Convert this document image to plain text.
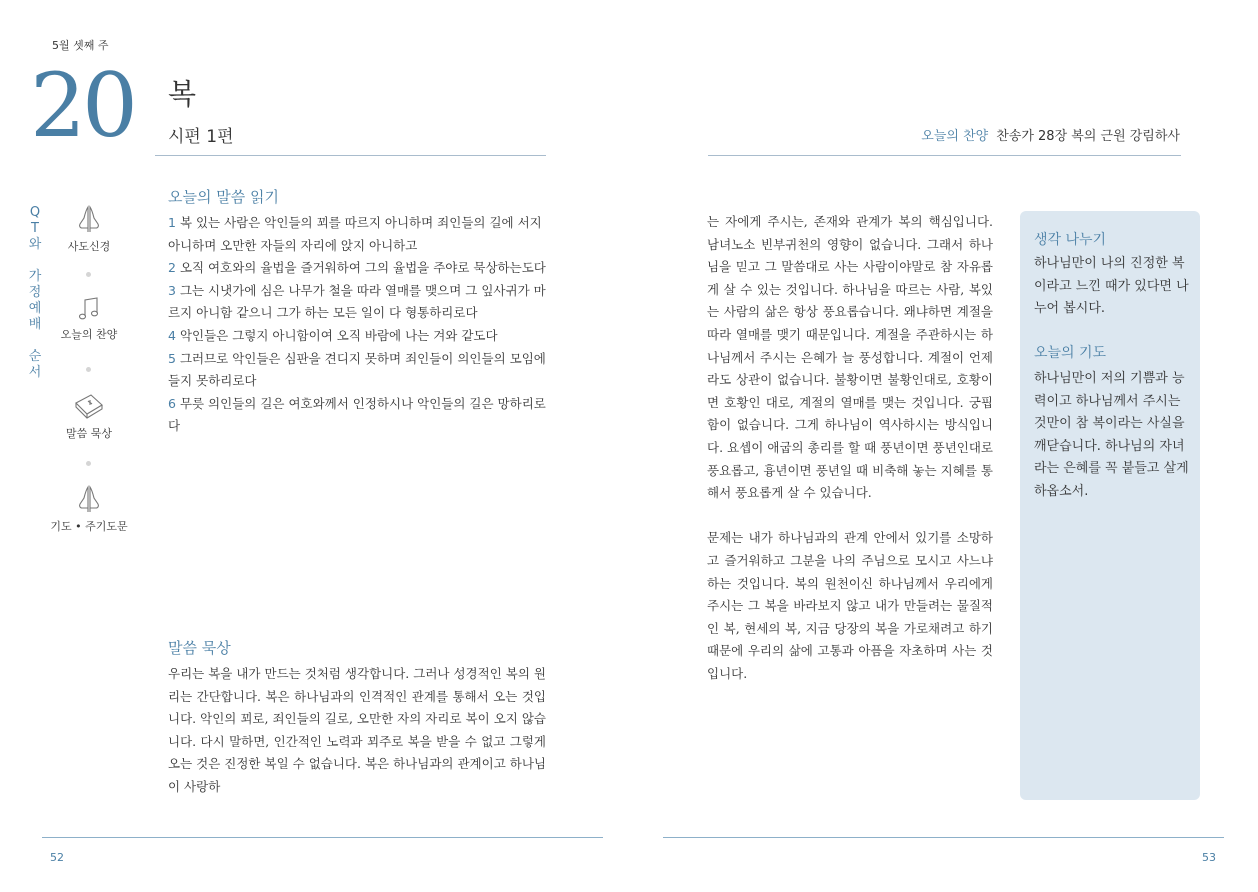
5월 셋째 주
20 복
시편 1편	오늘의 찬양 찬송가 28장 복의 근원 강림하사
Q
T
와
가
정
예
배
순
서
사도신경
오늘의 찬양
말씀 묵상
기도 • 주기도문
오늘의 말씀 읽기

1 복 있는 사람은 악인들의 꾀를 따르지 아니하며 죄인들의 길에 서지 아니하며 오만한 자들의 자리에 앉지 아니하고

2 오직 여호와의 율법을 즐거워하여 그의 율법을 주야로 묵상하는도다

3 그는 시냇가에 심은 나무가 철을 따라 열매를 맺으며 그 잎사귀가 마르지 아니함 같으니 그가 하는 모든 일이 다 형통하리로다

4 악인들은 그렇지 아니함이여 오직 바람에 나는 겨와 같도다

5 그러므로 악인들은 심판을 견디지 못하며 죄인들이 의인들의 모임에 들지 못하리로다

6 무릇 의인들의 길은 여호와께서 인정하시나 악인들의 길은 망하리로다

말씀 묵상

우리는 복을 내가 만드는 것처럼 생각합니다. 그러나 성경적인 복의 원리는 간단합니다. 복은 하나님과의 인격적인 관계를 통해서 오는 것입니다. 악인의 꾀로, 죄인들의 길로, 오만한 자의 자리로 복이 오지 않습니다. 다시 말하면, 인간적인 노력과 꾀주로 복을 받을 수 없고 그렇게 오는 것은 진정한 복일 수 없습니다. 복은 하나님과의 관계이고 하나님이 사랑하

는 자에게 주시는, 존재와 관계가 복의 핵심입니다. 남녀노소 빈부귀천의 영향이 없습니다. 그래서 하나님을 믿고 그 말씀대로 사는 사람이야말로 참 자유롭게 살 수 있는 것입니다. 하나님을 따르는 사람, 복있는 사람의 삶은 항상 풍요롭습니다. 왜냐하면 계절을 따라 열매를 맺기 때문입니다. 계절을 주관하시는 하나님께서 주시는 은혜가 늘 풍성합니다. 계절이 언제라도 상관이 없습니다. 불황이면 불황인대로, 호황이면 호황인 대로, 계절의 열매를 맺는 것입니다. 궁핍함이 없습니다. 그게 하나님이 역사하시는 방식입니다. 요셉이 애굽의 총리를 할 때 풍년이면 풍년인대로 풍요롭고, 흉년이면 풍년일 때 비축해 놓는 지혜를 통해서 풍요롭게 살 수 있습니다.

문제는 내가 하나님과의 관계 안에서 있기를 소망하고 즐거워하고 그분을 나의 주님으로 모시고 사느냐 하는 것입니다. 복의 원천이신 하나님께서 우리에게 주시는 그 복을 바라보지 않고 내가 만들려는 물질적인 복, 현세의 복, 지금 당장의 복을 가로채려고 하기 때문에 우리의 삶에 고통과 아픔을 자초하며 사는 것입니다.

생각 나누기
하나님만이 나의 진정한 복이라고 느낀 때가 있다면 나누어 봅시다.
오늘의 기도
하나님만이 저의 기쁨과 능력이고 하나님께서 주시는 것만이 참 복이라는 사실을 깨닫습니다. 하나님의 자녀라는 은혜를 꼭 붙들고 살게 하옵소서.
52	53
